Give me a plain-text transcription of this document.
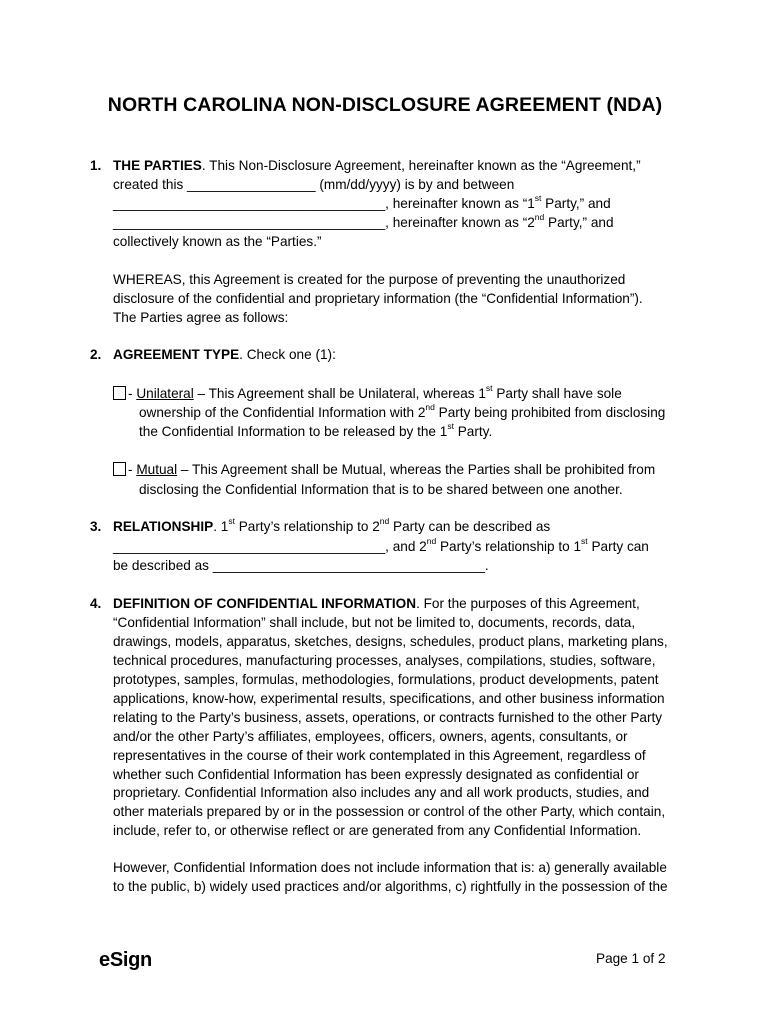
NORTH CAROLINA NON-DISCLOSURE AGREEMENT (NDA)
1. THE PARTIES. This Non-Disclosure Agreement, hereinafter known as the “Agreement,”
created this _________________ (mm/dd/yyyy) is by and between
____________________________________, hereinafter known as “1st Party,” and
____________________________________, hereinafter known as “2nd Party,” and
collectively known as the “Parties.”
WHEREAS, this Agreement is created for the purpose of preventing the unauthorized
disclosure of the confidential and proprietary information (the “Confidential Information”).
The Parties agree as follows:
2. AGREEMENT TYPE. Check one (1):
- Unilateral – This Agreement shall be Unilateral, whereas 1st Party shall have sole
ownership of the Confidential Information with 2nd Party being prohibited from disclosing
the Confidential Information to be released by the 1st Party.
- Mutual – This Agreement shall be Mutual, whereas the Parties shall be prohibited from
disclosing the Confidential Information that is to be shared between one another.
3. RELATIONSHIP. 1st Party’s relationship to 2nd Party can be described as
____________________________________, and 2nd Party’s relationship to 1st Party can
be described as ____________________________________.
4. DEFINITION OF CONFIDENTIAL INFORMATION. For the purposes of this Agreement,
“Confidential Information” shall include, but not be limited to, documents, records, data,
drawings, models, apparatus, sketches, designs, schedules, product plans, marketing plans,
technical procedures, manufacturing processes, analyses, compilations, studies, software,
prototypes, samples, formulas, methodologies, formulations, product developments, patent
applications, know-how, experimental results, specifications, and other business information
relating to the Party’s business, assets, operations, or contracts furnished to the other Party
and/or the other Party’s affiliates, employees, officers, owners, agents, consultants, or
representatives in the course of their work contemplated in this Agreement, regardless of
whether such Confidential Information has been expressly designated as confidential or
proprietary. Confidential Information also includes any and all work products, studies, and
other materials prepared by or in the possession or control of the other Party, which contain,
include, refer to, or otherwise reflect or are generated from any Confidential Information.
However, Confidential Information does not include information that is: a) generally available
to the public, b) widely used practices and/or algorithms, c) rightfully in the possession of the
eSign	Page 1 of 2
